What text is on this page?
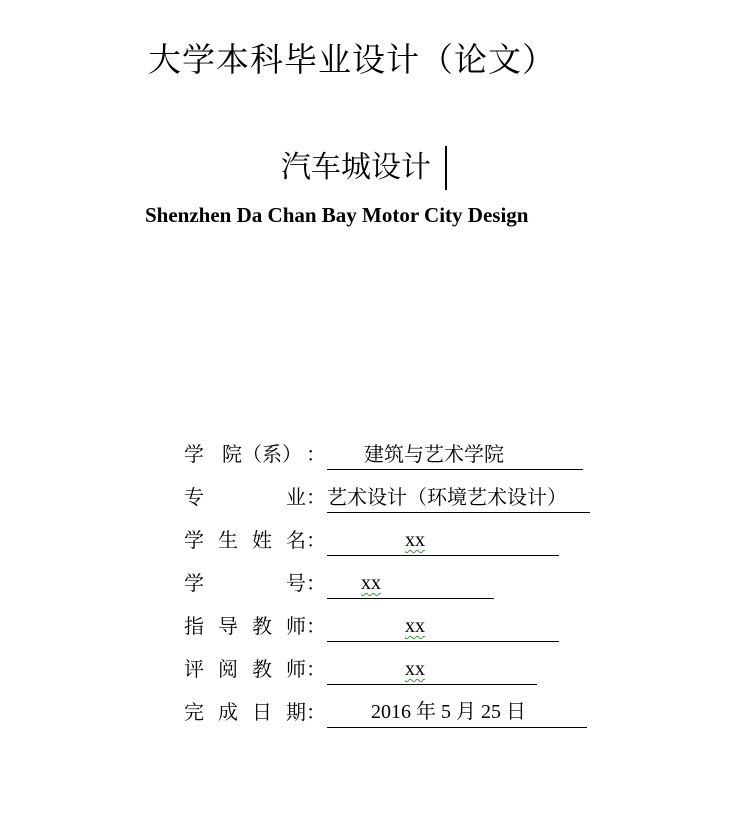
大学本科毕业设计（论文）
汽车城设计
Shenzhen Da Chan Bay Motor City Design
学 院（系） ： 建筑与艺术学院
专	业 ： 艺术设计（环境艺术设计）
学 生 姓 名 ：	xx
学	号 ： xx
指 导 教 师 ：	xx
评 阅 教 师 ：	xx
完 成 日 期 ： 2016 年 5 月 25 日
